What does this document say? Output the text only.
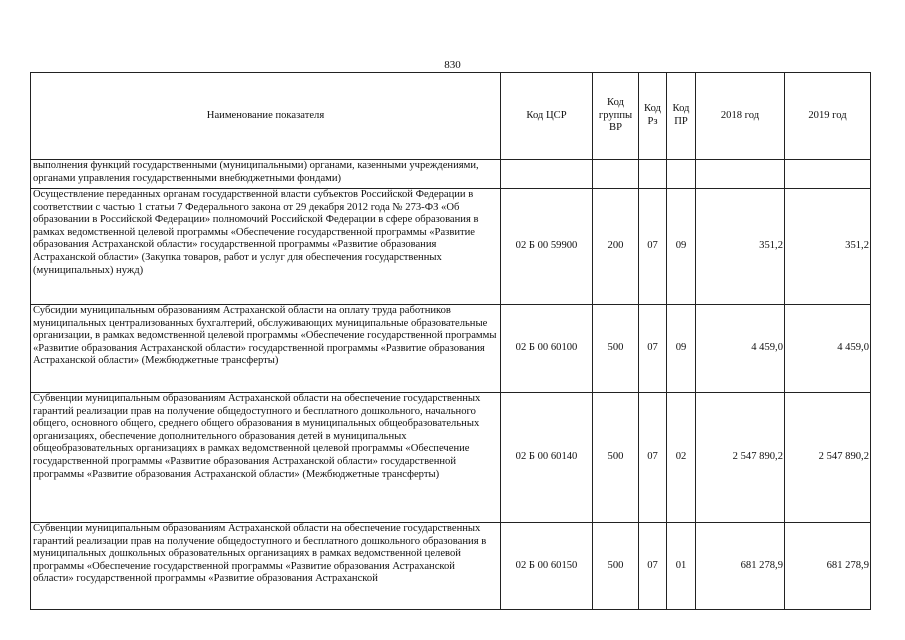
830
Наименование показателя	Код ЦСР	Код группы ВР	Код Рз	Код ПР	2018 год	2019 год
выполнения функций государственными (муниципальными) органами, казенными учреждениями, органами управления государственными внебюджетными фондами)						
Осуществление переданных органам государственной власти субъектов Российской Федерации в соответствии с частью 1 статьи 7 Федерального закона от 29 декабря 2012 года № 273-ФЗ «Об образовании в Российской Федерации» полномочий Российской Федерации в сфере образования в рамках ведомственной целевой программы «Обеспечение государственной программы «Развитие образования Астраханской области» государственной программы «Развитие образования Астраханской области» (Закупка товаров, работ и услуг для обеспечения государственных (муниципальных) нужд)	02 Б 00 59900	200	07	09	351,2	351,2
Субсидии муниципальным образованиям Астраханской области на оплату труда работников муниципальных централизованных бухгалтерий, обслуживающих муниципальные образовательные организации, в рамках ведомственной целевой программы «Обеспечение государственной программы «Развитие образования Астраханской области» государственной программы «Развитие образования Астраханской области» (Межбюджетные трансферты)	02 Б 00 60100	500	07	09	4 459,0	4 459,0
Субвенции муниципальным образованиям Астраханской области на обеспечение государственных гарантий реализации прав на получение общедоступного и бесплатного дошкольного, начального общего, основного общего, среднего общего образования в муниципальных общеобразовательных организациях, обеспечение дополнительного образования детей в муниципальных общеобразовательных организациях в рамках ведомственной целевой программы «Обеспечение государственной программы «Развитие образования Астраханской области» государственной программы «Развитие образования Астраханской области» (Межбюджетные трансферты)	02 Б 00 60140	500	07	02	2 547 890,2	2 547 890,2
Субвенции муниципальным образованиям Астраханской области на обеспечение государственных гарантий реализации прав на получение общедоступного и бесплатного дошкольного образования в муниципальных дошкольных образовательных организациях в рамках ведомственной целевой программы «Обеспечение государственной программы «Развитие образования Астраханской области» государственной программы «Развитие образования Астраханской	02 Б 00 60150	500	07	01	681 278,9	681 278,9
